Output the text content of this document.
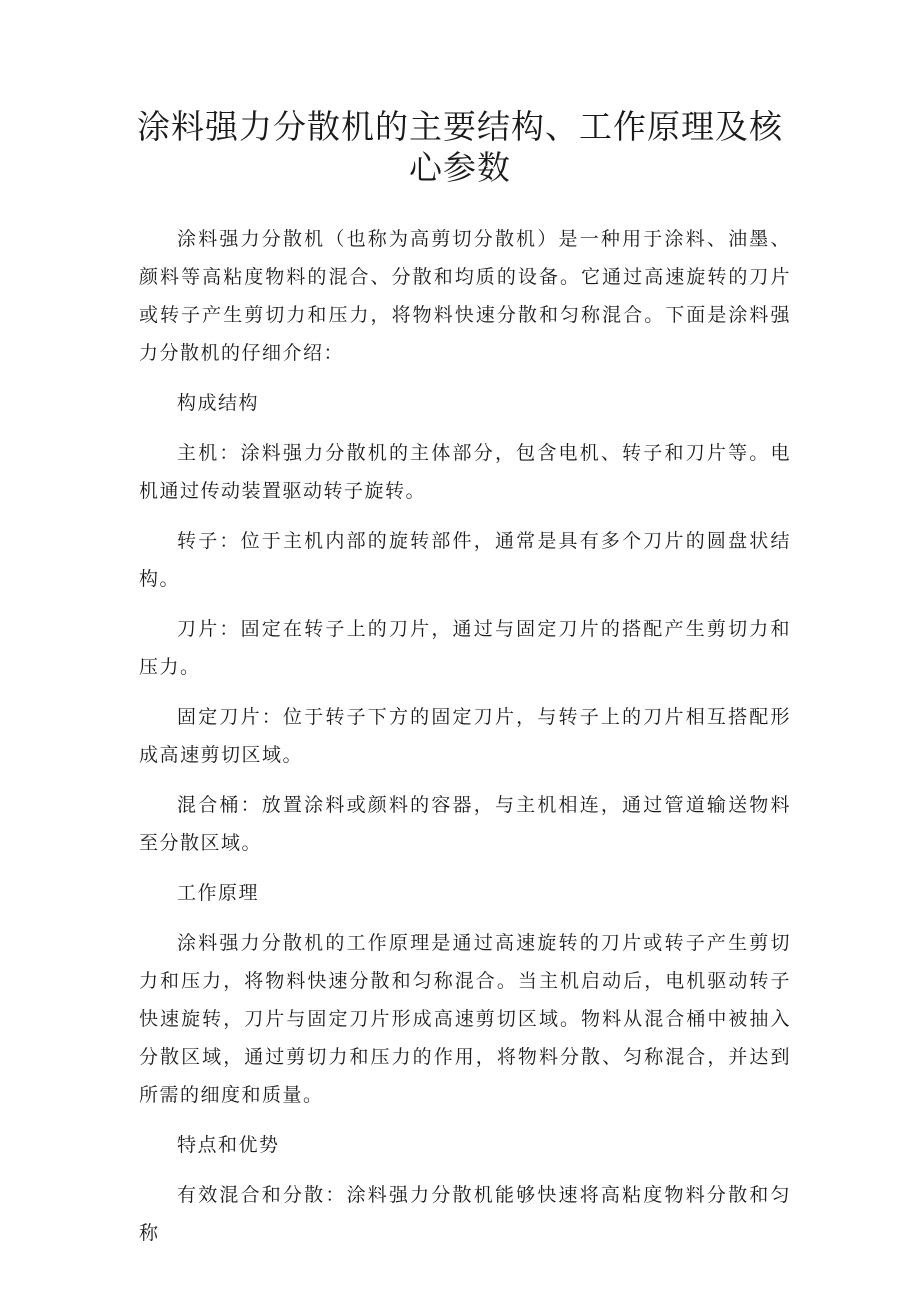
涂料强力分散机的主要结构、工作原理及核
心参数

涂料强力分散机（也称为高剪切分散机）是一种用于涂料、油墨、颜料等高粘度物料的混合、分散和均质的设备。它通过高速旋转的刀片或转子产生剪切力和压力，将物料快速分散和匀称混合。下面是涂料强力分散机的仔细介绍：

构成结构

主机：涂料强力分散机的主体部分，包含电机、转子和刀片等。电机通过传动装置驱动转子旋转。

转子：位于主机内部的旋转部件，通常是具有多个刀片的圆盘状结构。

刀片：固定在转子上的刀片，通过与固定刀片的搭配产生剪切力和压力。

固定刀片：位于转子下方的固定刀片，与转子上的刀片相互搭配形成高速剪切区域。

混合桶：放置涂料或颜料的容器，与主机相连，通过管道输送物料至分散区域。

工作原理

涂料强力分散机的工作原理是通过高速旋转的刀片或转子产生剪切力和压力，将物料快速分散和匀称混合。当主机启动后，电机驱动转子快速旋转，刀片与固定刀片形成高速剪切区域。物料从混合桶中被抽入分散区域，通过剪切力和压力的作用，将物料分散、匀称混合，并达到所需的细度和质量。

特点和优势

有效混合和分散：涂料强力分散机能够快速将高粘度物料分散和匀称
